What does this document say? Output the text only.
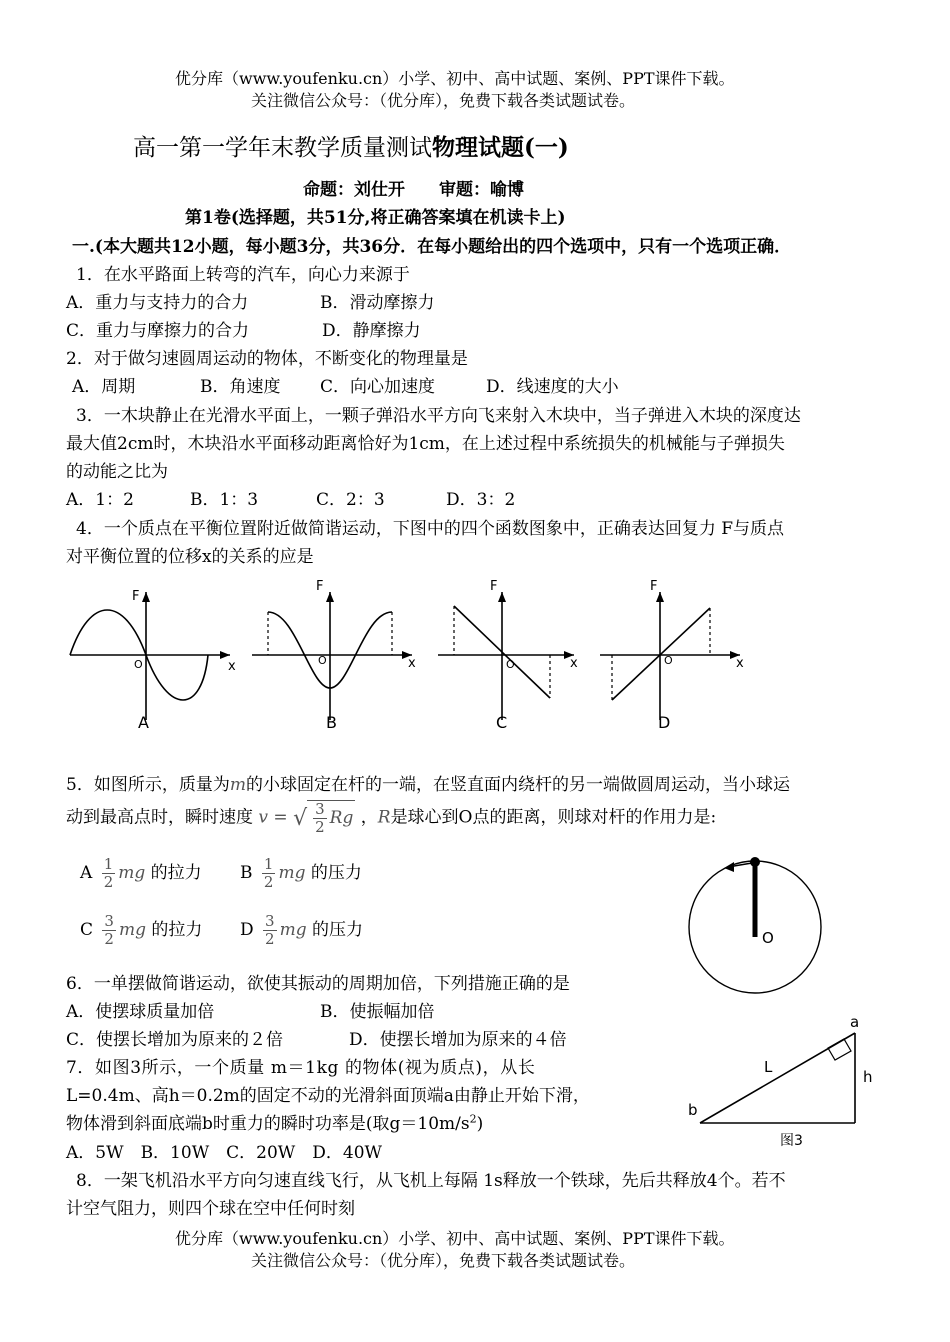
优分库（www.youfenku.cn）小学、初中、高中试题、案例、PPT课件下载。
关注微信公众号：（优分库），免费下载各类试题试卷。
高一第一学年末教学质量测试物理试题(一)
命题：刘仕开　　审题：喻博
第1卷(选择题，共51分,将正确答案填在机读卡上)
一.(本大题共12小题，每小题3分，共36分．在每小题给出的四个选项中，只有一个选项正确．
1．在水平路面上转弯的汽车，向心力来源于
A．重力与支持力的合力	B．滑动摩擦力
C．重力与摩擦力的合力	D．静摩擦力
2．对于做匀速圆周运动的物体，不断变化的物理量是
A．周期	B．角速度 C．向心加速度	D．线速度的大小
3．一木块静止在光滑水平面上，一颗子弹沿水平方向飞来射入木块中，当子弹进入木块的深度达
最大值2cm时，木块沿水平面移动距离恰好为1cm，在上述过程中系统损失的机械能与子弹损失
的动能之比为
A．1：2	B．1：3	C．2：3	D．3：2
4．一个质点在平衡位置附近做简谐运动，下图中的四个函数图象中，正确表达回复力 F与质点
对平衡位置的位移x的关系的应是
F
x
O
F
x
O
F
x
O
F
x
O
A	B	C	D
5．如图所示，质量为m的小球固定在杆的一端，在竖直面内绕杆的另一端做圆周运动，当小球运
动到最高点时，瞬时速度 v = √ $\frac{3}{2}$ Rg ，R是球心到O点的距离，则球对杆的作用力是:
A $\frac{1}{2}$ mg 的拉力 B $\frac{1}{2}$ mg 的压力
C $\frac{3}{2}$ mg 的拉力 D $\frac{3}{2}$ mg 的压力	O
6．一单摆做简谐运动，欲使其振动的周期加倍，下列措施正确的是
A．使摆球质量加倍	B．使振幅加倍
C．使摆长增加为原来的２倍	D．使摆长增加为原来的４倍
7．如图3所示，一个质量 m＝1kg 的物体(视为质点)，从长
L=0.4m、高h＝0.2m的固定不动的光滑斜面顶端a由静止开始下滑，
物体滑到斜面底端b时重力的瞬时功率是(取$g=10m/s^2$)
A．5W　B．10W　C．20W　D．40W
a
b
L
h
图3
8．一架飞机沿水平方向匀速直线飞行，从飞机上每隔 1s释放一个铁球，先后共释放4个。若不
计空气阻力，则四个球在空中任何时刻
优分库（www.youfenku.cn）小学、初中、高中试题、案例、PPT课件下载。
关注微信公众号：（优分库），免费下载各类试题试卷。
